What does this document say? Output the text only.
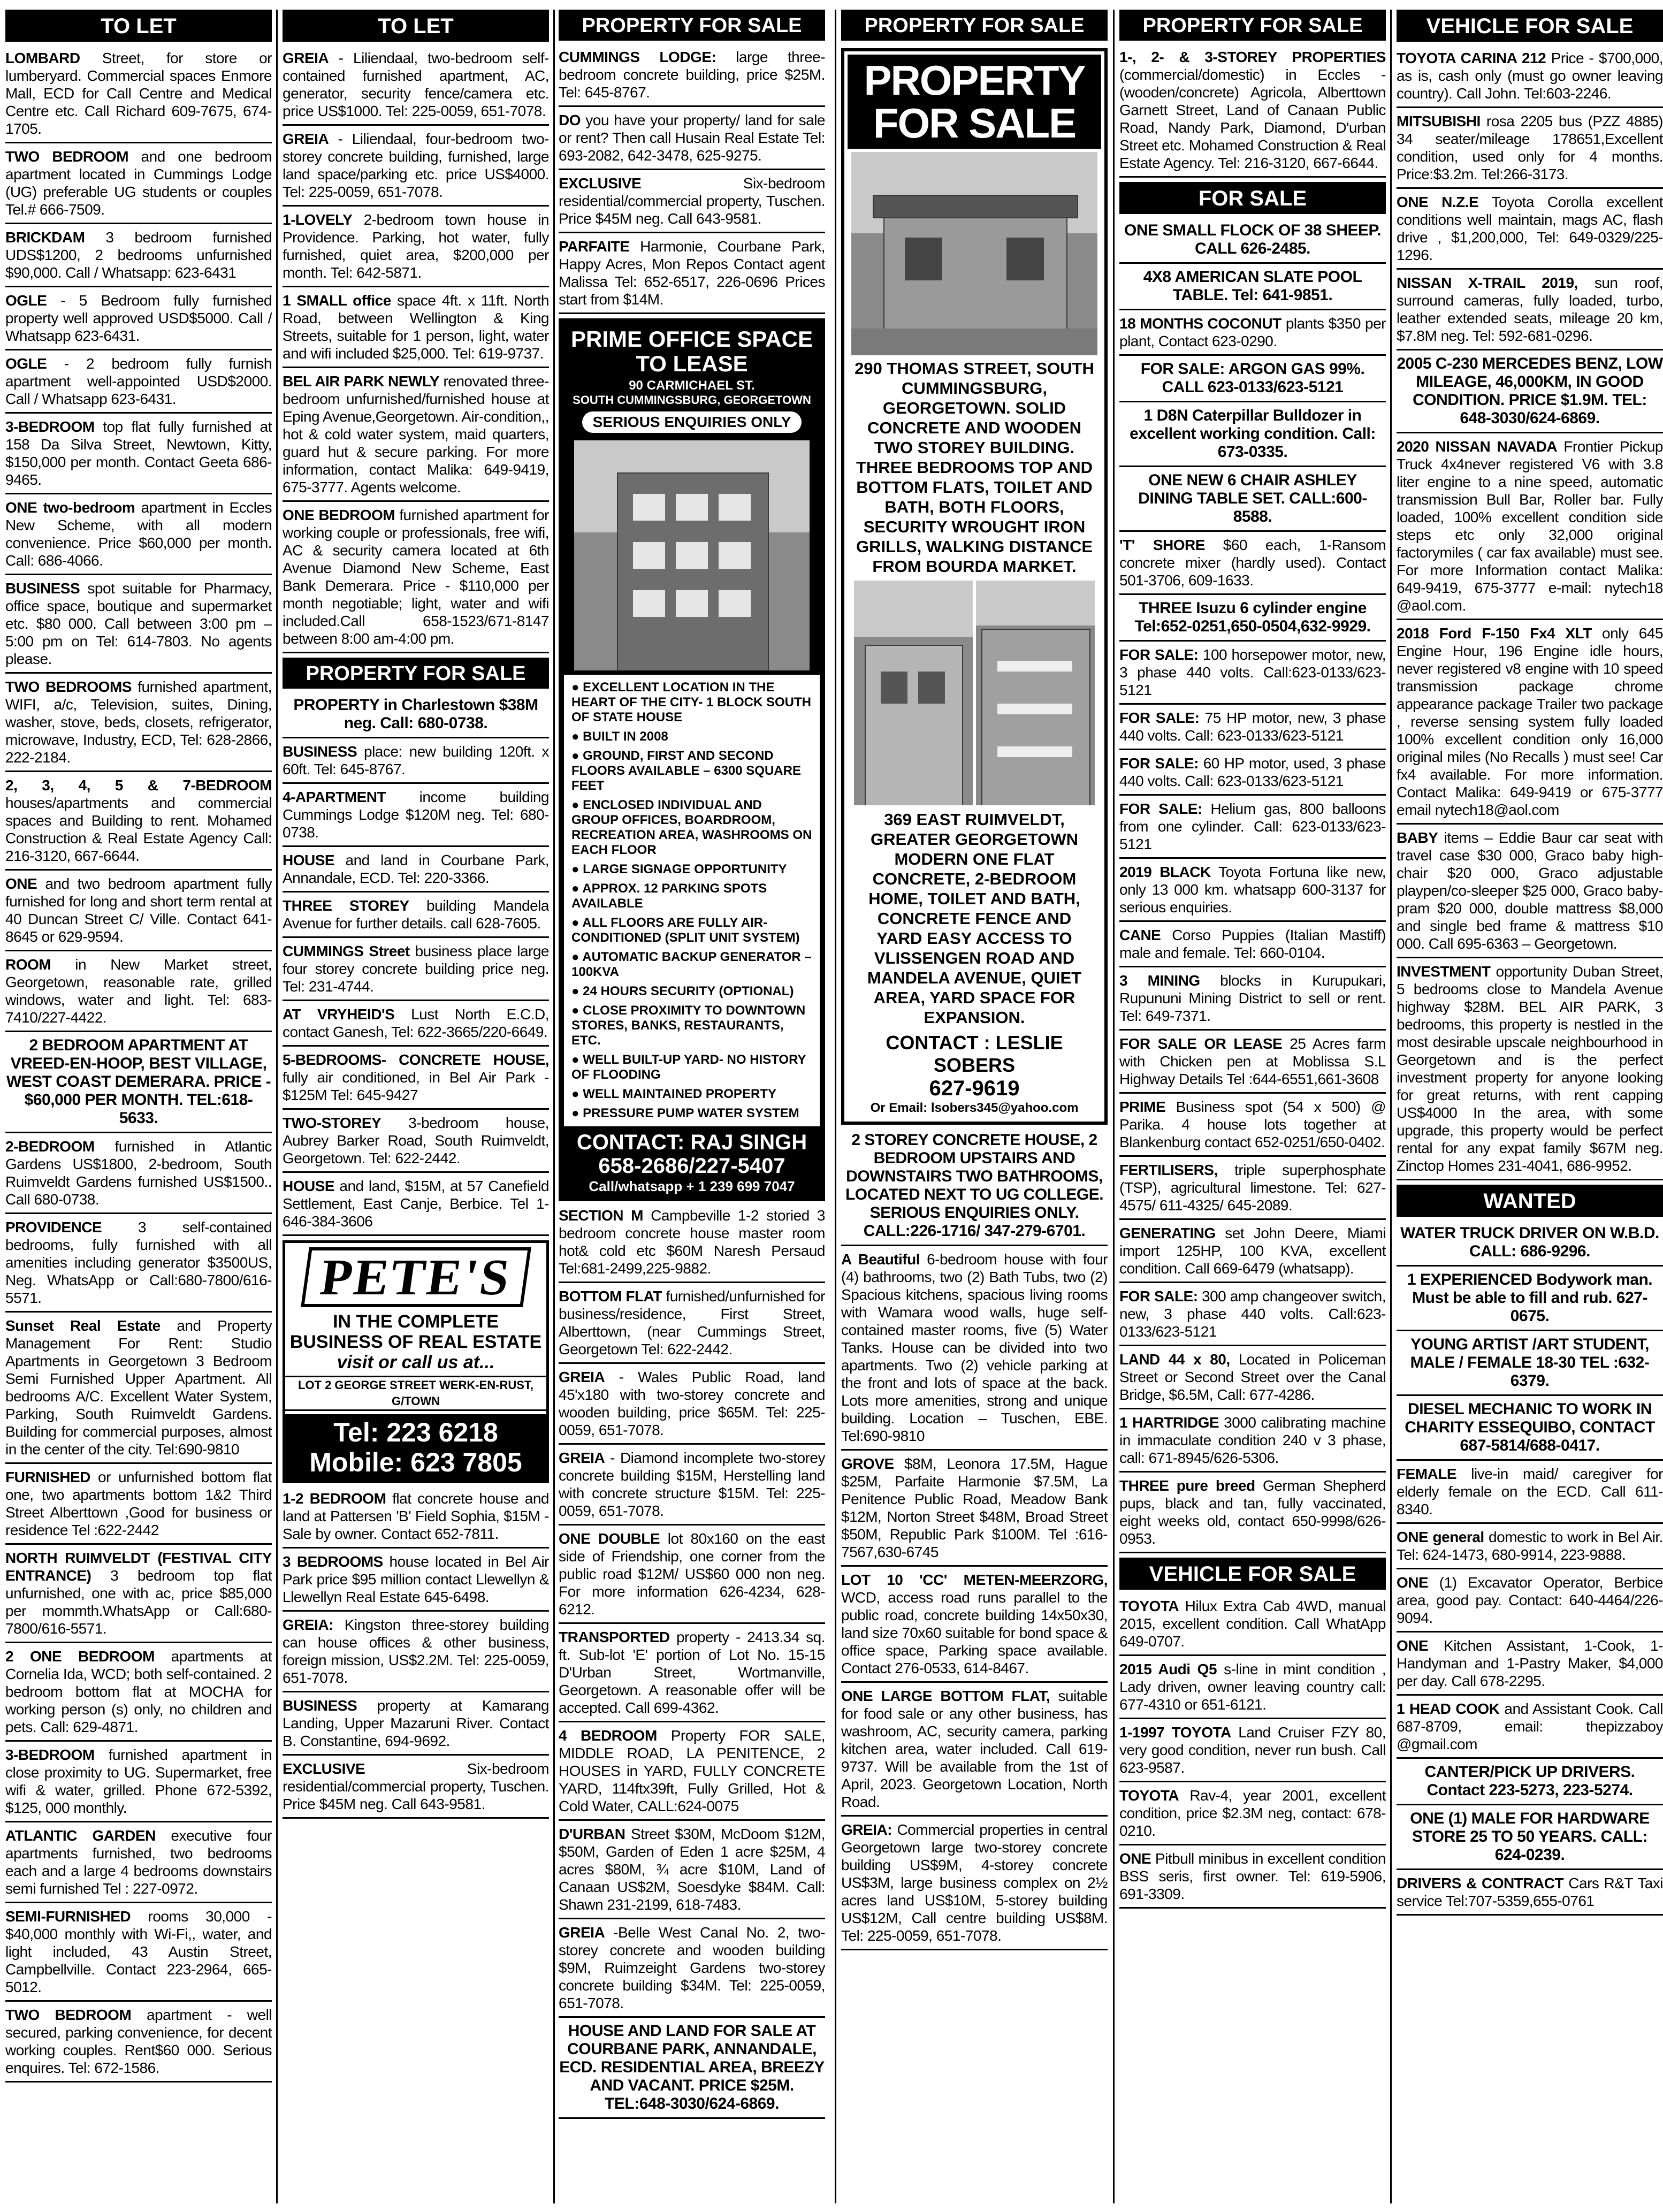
TO LET
LOMBARD Street, for store or lumberyard. Commercial spaces Enmore Mall, ECD for Call Centre and Medical Centre etc. Call Richard 609-7675, 674-1705.
TWO BEDROOM and one bedroom apartment located in Cummings Lodge (UG) preferable UG students or couples Tel.# 666-7509.
BRICKDAM 3 bedroom furnished UDS$1200, 2 bedrooms unfurnished $90,000. Call / Whatsapp: 623-6431
OGLE - 5 Bedroom fully furnished property well approved USD$5000. Call / Whatsapp 623-6431.
OGLE - 2 bedroom fully furnish apartment well-appointed USD$2000. Call / Whatsapp 623-6431.
3-BEDROOM top flat fully furnished at 158 Da Silva Street, Newtown, Kitty, $150,000 per month. Contact Geeta 686-9465.
ONE two-bedroom apartment in Eccles New Scheme, with all modern convenience. Price $60,000 per month. Call: 686-4066.
BUSINESS spot suitable for Pharmacy, office space, boutique and supermarket etc. $80 000. Call between 3:00 pm – 5:00 pm on Tel: 614-7803. No agents please.
TWO BEDROOMS furnished apartment, WIFI, a/c, Television, suites, Dining, washer, stove, beds, closets, refrigerator, microwave, Industry, ECD, Tel: 628-2866, 222-2184.
2, 3, 4, 5 & 7-BEDROOM houses/apartments and commercial spaces and Building to rent. Mohamed Construction & Real Estate Agency Call: 216-3120, 667-6644.
ONE and two bedroom apartment fully furnished for long and short term rental at 40 Duncan Street C/ Ville. Contact 641-8645 or 629-9594.
ROOM in New Market street, Georgetown, reasonable rate, grilled windows, water and light. Tel: 683-7410/227-4422.
2 BEDROOM APARTMENT AT VREED-EN-HOOP, BEST VILLAGE, WEST COAST DEMERARA. PRICE - $60,000 PER MONTH. TEL:618-5633.
2-BEDROOM furnished in Atlantic Gardens US$1800, 2-bedroom, South Ruimveldt Gardens furnished US$1500.. Call 680-0738.
PROVIDENCE 3 self-contained bedrooms, fully furnished with all amenities including generator $3500US, Neg. WhatsApp or Call:680-7800/616-5571.
Sunset Real Estate and Property Management For Rent: Studio Apartments in Georgetown 3 Bedroom Semi Furnished Upper Apartment. All bedrooms A/C. Excellent Water System, Parking, South Ruimveldt Gardens. Building for commercial purposes, almost in the center of the city. Tel:690-9810
FURNISHED or unfurnished bottom flat one, two apartments bottom 1&2 Third Street Alberttown ,Good for business or residence Tel :622-2442
NORTH RUIMVELDT (FESTIVAL CITY ENTRANCE) 3 bedroom top flat unfurnished, one with ac, price $85,000 per mommth.WhatsApp or Call:680-7800/616-5571.
2 ONE BEDROOM apartments at Cornelia Ida, WCD; both self-contained. 2 bedroom bottom flat at MOCHA for working person (s) only, no children and pets. Call: 629-4871.
3-BEDROOM furnished apartment in close proximity to UG. Supermarket, free wifi & water, grilled. Phone 672-5392, $125, 000 monthly.
ATLANTIC GARDEN executive four apartments furnished, two bedrooms each and a large 4 bedrooms downstairs semi furnished Tel : 227-0972.
SEMI-FURNISHED rooms 30,000 - $40,000 monthly with Wi-Fi,, water, and light included, 43 Austin Street, Campbellville. Contact 223-2964, 665-5012.
TWO BEDROOM apartment - well secured, parking convenience, for decent working couples. Rent$60 000. Serious enquires. Tel: 672-1586.
TO LET
GREIA - Liliendaal, two-bedroom self-contained furnished apartment, AC, generator, security fence/camera etc. price US$1000. Tel: 225-0059, 651-7078.
GREIA - Liliendaal, four-bedroom two-storey concrete building, furnished, large land space/parking etc. price US$4000. Tel: 225-0059, 651-7078.
1-LOVELY 2-bedroom town house in Providence. Parking, hot water, fully furnished, quiet area, $200,000 per month. Tel: 642-5871.
1 SMALL office space 4ft. x 11ft. North Road, between Wellington & King Streets, suitable for 1 person, light, water and wifi included $25,000. Tel: 619-9737.
BEL AIR PARK NEWLY renovated three-bedroom unfurnished/furnished house at Eping Avenue,Georgetown. Air-condition,, hot & cold water system, maid quarters, guard hut & secure parking. For more information, contact Malika: 649-9419, 675-3777. Agents welcome.
ONE BEDROOM furnished apartment for working couple or professionals, free wifi, AC & security camera located at 6th Avenue Diamond New Scheme, East Bank Demerara. Price - $110,000 per month negotiable; light, water and wifi included.Call 658-1523/671-8147 between 8:00 am-4:00 pm.
PROPERTY FOR SALE
PROPERTY in Charlestown $38M neg. Call: 680-0738.
BUSINESS place: new building 120ft. x 60ft. Tel: 645-8767.
4-APARTMENT income building Cummings Lodge $120M neg. Tel: 680-0738.
HOUSE and land in Courbane Park, Annandale, ECD. Tel: 220-3366.
THREE STOREY building Mandela Avenue for further details. call 628-7605.
CUMMINGS Street business place large four storey concrete building price neg. Tel: 231-4744.
AT VRYHEID'S Lust North E.C.D, contact Ganesh, Tel: 622-3665/220-6649.
5-BEDROOMS- CONCRETE HOUSE, fully air conditioned, in Bel Air Park - $125M Tel: 645-9427
TWO-STOREY 3-bedroom house, Aubrey Barker Road, South Ruimveldt, Georgetown. Tel: 622-2442.
HOUSE and land, $15M, at 57 Canefield Settlement, East Canje, Berbice. Tel 1-646-384-3606
PETE'S
IN THE COMPLETE
BUSINESS OF REAL ESTATE
visit or call us at...
LOT 2 GEORGE STREET WERK-EN-RUST, G/TOWN
Tel: 223 6218
Mobile: 623 7805
1-2 BEDROOM flat concrete house and land at Pattersen 'B' Field Sophia, $15M - Sale by owner. Contact 652-7811.
3 BEDROOMS house located in Bel Air Park price $95 million contact Llewellyn & Llewellyn Real Estate 645-6498.
GREIA: Kingston three-storey building can house offices & other business, foreign mission, US$2.2M. Tel: 225-0059, 651-7078.
BUSINESS property at Kamarang Landing, Upper Mazaruni River. Contact B. Constantine, 694-9692.
EXCLUSIVE Six-bedroom residential/commercial property, Tuschen. Price $45M neg. Call 643-9581.
PROPERTY FOR SALE
CUMMINGS LODGE: large three-bedroom concrete building, price $25M. Tel: 645-8767.
DO you have your property/ land for sale or rent? Then call Husain Real Estate Tel: 693-2082, 642-3478, 625-9275.
EXCLUSIVE Six-bedroom residential/commercial property, Tuschen. Price $45M neg. Call 643-9581.
PARFAITE Harmonie, Courbane Park, Happy Acres, Mon Repos Contact agent Malissa Tel: 652-6517, 226-0696 Prices start from $14M.
PRIME OFFICE SPACE TO LEASE
90 CARMICHAEL ST.
SOUTH CUMMINGSBURG, GEORGETOWN
SERIOUS ENQUIRIES ONLY
● EXCELLENT LOCATION IN THE HEART OF THE CITY- 1 BLOCK SOUTH OF STATE HOUSE
● BUILT IN 2008
● GROUND, FIRST AND SECOND FLOORS AVAILABLE – 6300 SQUARE FEET
● ENCLOSED INDIVIDUAL AND GROUP OFFICES, BOARDROOM, RECREATION AREA, WASHROOMS ON EACH FLOOR
● LARGE SIGNAGE OPPORTUNITY
● APPROX. 12 PARKING SPOTS AVAILABLE
● ALL FLOORS ARE FULLY AIR-CONDITIONED (SPLIT UNIT SYSTEM)
● AUTOMATIC BACKUP GENERATOR – 100KVA
● 24 HOURS SECURITY (OPTIONAL)
● CLOSE PROXIMITY TO DOWNTOWN STORES, BANKS, RESTAURANTS, ETC.
● WELL BUILT-UP YARD- NO HISTORY OF FLOODING
● WELL MAINTAINED PROPERTY
● PRESSURE PUMP WATER SYSTEM
CONTACT: RAJ SINGH
658-2686/227-5407
Call/whatsapp + 1 239 699 7047
SECTION M Campbeville 1-2 storied 3 bedroom concrete house master room hot& cold etc $60M Naresh Persaud Tel:681-2499,225-9882.
BOTTOM FLAT furnished/unfurnished for business/residence, First Street, Alberttown, (near Cummings Street, Georgetown Tel: 622-2442.
GREIA - Wales Public Road, land 45'x180 with two-storey concrete and wooden building, price $65M. Tel: 225-0059, 651-7078.
GREIA - Diamond incomplete two-storey concrete building $15M, Herstelling land with concrete structure $15M. Tel: 225-0059, 651-7078.
ONE DOUBLE lot 80x160 on the east side of Friendship, one corner from the public road $12M/ US$60 000 non neg. For more information 626-4234, 628-6212.
TRANSPORTED property - 2413.34 sq. ft. Sub-lot 'E' portion of Lot No. 15-15 D'Urban Street, Wortmanville, Georgetown. A reasonable offer will be accepted. Call 699-4362.
4 BEDROOM Property FOR SALE, MIDDLE ROAD, LA PENITENCE, 2 HOUSES in YARD, FULLY CONCRETE YARD, 114ftx39ft, Fully Grilled, Hot & Cold Water, CALL:624-0075
D'URBAN Street $30M, McDoom $12M, $50M, Garden of Eden 1 acre $25M, 4 acres $80M, ¾ acre $10M, Land of Canaan US$2M, Soesdyke $84M. Call: Shawn 231-2199, 618-7483.
GREIA -Belle West Canal No. 2, two-storey concrete and wooden building $9M, Ruimzeight Gardens two-storey concrete building $34M. Tel: 225-0059, 651-7078.
HOUSE AND LAND FOR SALE AT COURBANE PARK, ANNANDALE, ECD. RESIDENTIAL AREA, BREEZY AND VACANT. PRICE $25M. TEL:648-3030/624-6869.
PROPERTY FOR SALE
PROPERTY
FOR SALE
290 THOMAS STREET, SOUTH CUMMINGSBURG, GEORGETOWN. SOLID CONCRETE AND WOODEN TWO STOREY BUILDING. THREE BEDROOMS TOP AND BOTTOM FLATS, TOILET AND BATH, BOTH FLOORS, SECURITY WROUGHT IRON GRILLS, WALKING DISTANCE FROM BOURDA MARKET.
369 EAST RUIMVELDT, GREATER GEORGETOWN MODERN ONE FLAT CONCRETE, 2-BEDROOM HOME, TOILET AND BATH, CONCRETE FENCE AND YARD EASY ACCESS TO VLISSENGEN ROAD AND MANDELA AVENUE, QUIET AREA, YARD SPACE FOR EXPANSION.
CONTACT : LESLIE SOBERS
627-9619
Or Email: lsobers345@yahoo.com
2 STOREY CONCRETE HOUSE, 2 BEDROOM UPSTAIRS AND DOWNSTAIRS TWO BATHROOMS, LOCATED NEXT TO UG COLLEGE. SERIOUS ENQUIRIES ONLY. CALL:226-1716/ 347-279-6701.
A Beautiful 6-bedroom house with four (4) bathrooms, two (2) Bath Tubs, two (2) Spacious kitchens, spacious living rooms with Wamara wood walls, huge self-contained master rooms, five (5) Water Tanks. House can be divided into two apartments. Two (2) vehicle parking at the front and lots of space at the back. Lots more amenities, strong and unique building. Location – Tuschen, EBE. Tel:690-9810
GROVE $8M, Leonora 17.5M, Hague $25M, Parfaite Harmonie $7.5M, La Penitence Public Road, Meadow Bank $12M, Norton Street $48M, Broad Street $50M, Republic Park $100M. Tel :616-7567,630-6745
LOT 10 'CC' METEN-MEERZORG, WCD, access road runs parallel to the public road, concrete building 14x50x30, land size 70x60 suitable for bond space & office space, Parking space available. Contact 276-0533, 614-8467.
ONE LARGE BOTTOM FLAT, suitable for food sale or any other business, has washroom, AC, security camera, parking kitchen area, water included. Call 619-9737. Will be available from the 1st of April, 2023. Georgetown Location, North Road.
GREIA: Commercial properties in central Georgetown large two-storey concrete building US$9M, 4-storey concrete US$3M, large business complex on 2½ acres land US$10M, 5-storey building US$12M, Call centre building US$8M. Tel: 225-0059, 651-7078.
PROPERTY FOR SALE
1-, 2- & 3-STOREY PROPERTIES (commercial/domestic) in Eccles - (wooden/concrete) Agricola, Alberttown Garnett Street, Land of Canaan Public Road, Nandy Park, Diamond, D'urban Street etc. Mohamed Construction & Real Estate Agency. Tel: 216-3120, 667-6644.
FOR SALE
ONE SMALL FLOCK OF 38 SHEEP. CALL 626-2485.
4X8 AMERICAN SLATE POOL TABLE. Tel: 641-9851.
18 MONTHS COCONUT plants $350 per plant, Contact 623-0290.
FOR SALE: ARGON GAS 99%. CALL 623-0133/623-5121
1 D8N Caterpillar Bulldozer in excellent working condition. Call: 673-0335.
ONE NEW 6 CHAIR ASHLEY DINING TABLE SET. CALL:600-8588.
'T' SHORE $60 each, 1-Ransom concrete mixer (hardly used). Contact 501-3706, 609-1633.
THREE Isuzu 6 cylinder engine Tel:652-0251,650-0504,632-9929.
FOR SALE: 100 horsepower motor, new, 3 phase 440 volts. Call:623-0133/623-5121
FOR SALE: 75 HP motor, new, 3 phase 440 volts. Call: 623-0133/623-5121
FOR SALE: 60 HP motor, used, 3 phase 440 volts. Call: 623-0133/623-5121
FOR SALE: Helium gas, 800 balloons from one cylinder. Call: 623-0133/623-5121
2019 BLACK Toyota Fortuna like new, only 13 000 km. whatsapp 600-3137 for serious enquiries.
CANE Corso Puppies (Italian Mastiff) male and female. Tel: 660-0104.
3 MINING blocks in Kurupukari, Rupununi Mining District to sell or rent. Tel: 649-7371.
FOR SALE OR LEASE 25 Acres farm with Chicken pen at Moblissa S.L Highway Details Tel :644-6551,661-3608
PRIME Business spot (54 x 500) @ Parika. 4 house lots together at Blankenburg contact 652-0251/650-0402.
FERTILISERS, triple superphosphate (TSP), agricultural limestone. Tel: 627-4575/ 611-4325/ 645-2089.
GENERATING set John Deere, Miami import 125HP, 100 KVA, excellent condition. Call 669-6479 (whatsapp).
FOR SALE: 300 amp changeover switch, new, 3 phase 440 volts. Call:623-0133/623-5121
LAND 44 x 80, Located in Policeman Street or Second Street over the Canal Bridge, $6.5M, Call: 677-4286.
1 HARTRIDGE 3000 calibrating machine in immaculate condition 240 v 3 phase, call: 671-8945/626-5306.
THREE pure breed German Shepherd pups, black and tan, fully vaccinated, eight weeks old, contact 650-9998/626-0953.
VEHICLE FOR SALE
TOYOTA Hilux Extra Cab 4WD, manual 2015, excellent condition. Call WhatApp 649-0707.
2015 Audi Q5 s-line in mint condition , Lady driven, owner leaving country call: 677-4310 or 651-6121.
1-1997 TOYOTA Land Cruiser FZY 80, very good condition, never run bush. Call 623-9587.
TOYOTA Rav-4, year 2001, excellent condition, price $2.3M neg, contact: 678-0210.
ONE Pitbull minibus in excellent condition BSS seris, first owner. Tel: 619-5906, 691-3309.
VEHICLE FOR SALE
TOYOTA CARINA 212 Price - $700,000, as is, cash only (must go owner leaving country). Call John. Tel:603-2246.
MITSUBISHI rosa 2205 bus (PZZ 4885) 34 seater/mileage 178651,Excellent condition, used only for 4 months. Price:$3.2m. Tel:266-3173.
ONE N.Z.E Toyota Corolla excellent conditions well maintain, mags AC, flash drive , $1,200,000, Tel: 649-0329/225-1296.
NISSAN X-TRAIL 2019, sun roof, surround cameras, fully loaded, turbo, leather extended seats, mileage 20 km, $7.8M neg. Tel: 592-681-0296.
2005 C-230 MERCEDES BENZ, LOW MILEAGE, 46,000KM, IN GOOD CONDITION. PRICE $1.9M. TEL: 648-3030/624-6869.
2020 NISSAN NAVADA Frontier Pickup Truck 4x4never registered V6 with 3.8 liter engine to a nine speed, automatic transmission Bull Bar, Roller bar. Fully loaded, 100% excellent condition side steps etc only 32,000 original factorymiles ( car fax available) must see. For more Information contact Malika: 649-9419, 675-3777 e-mail: nytech18 @aol.com.
2018 Ford F-150 Fx4 XLT only 645 Engine Hour, 196 Engine idle hours, never registered v8 engine with 10 speed transmission package chrome appearance package Trailer two package , reverse sensing system fully loaded 100% excellent condition only 16,000 original miles (No Recalls ) must see! Car fx4 available. For more information. Contact Malika: 649-9419 or 675-3777 email nytech18@aol.com
BABY items – Eddie Baur car seat with travel case $30 000, Graco baby high-chair $20 000, Graco adjustable playpen/co-sleeper $25 000, Graco baby-pram $20 000, double mattress $8,000 and single bed frame & mattress $10 000. Call 695-6363 – Georgetown.
INVESTMENT opportunity Duban Street, 5 bedrooms close to Mandela Avenue highway $28M. BEL AIR PARK, 3 bedrooms, this property is nestled in the most desirable upscale neighbourhood in Georgetown and is the perfect investment property for anyone looking for great returns, with rent capping US$4000 In the area, with some upgrade, this property would be perfect rental for any expat family $67M neg. Zinctop Homes 231-4041, 686-9952.
WANTED
WATER TRUCK DRIVER ON W.B.D. CALL: 686-9296.
1 EXPERIENCED Bodywork man. Must be able to fill and rub. 627-0675.
YOUNG ARTIST /ART STUDENT, MALE / FEMALE 18-30 TEL :632-6379.
DIESEL MECHANIC TO WORK IN CHARITY ESSEQUIBO, CONTACT 687-5814/688-0417.
FEMALE live-in maid/ caregiver for elderly female on the ECD. Call 611-8340.
ONE general domestic to work in Bel Air. Tel: 624-1473, 680-9914, 223-9888.
ONE (1) Excavator Operator, Berbice area, good pay. Contact: 640-4464/226-9094.
ONE Kitchen Assistant, 1-Cook, 1-Handyman and 1-Pastry Maker, $4,000 per day. Call 678-2295.
1 HEAD COOK and Assistant Cook. Call 687-8709, email: thepizzaboy @gmail.com
CANTER/PICK UP DRIVERS. Contact 223-5273, 223-5274.
ONE (1) MALE FOR HARDWARE STORE 25 TO 50 YEARS. CALL: 624-0239.
DRIVERS & CONTRACT Cars R&T Taxi service Tel:707-5359,655-0761
